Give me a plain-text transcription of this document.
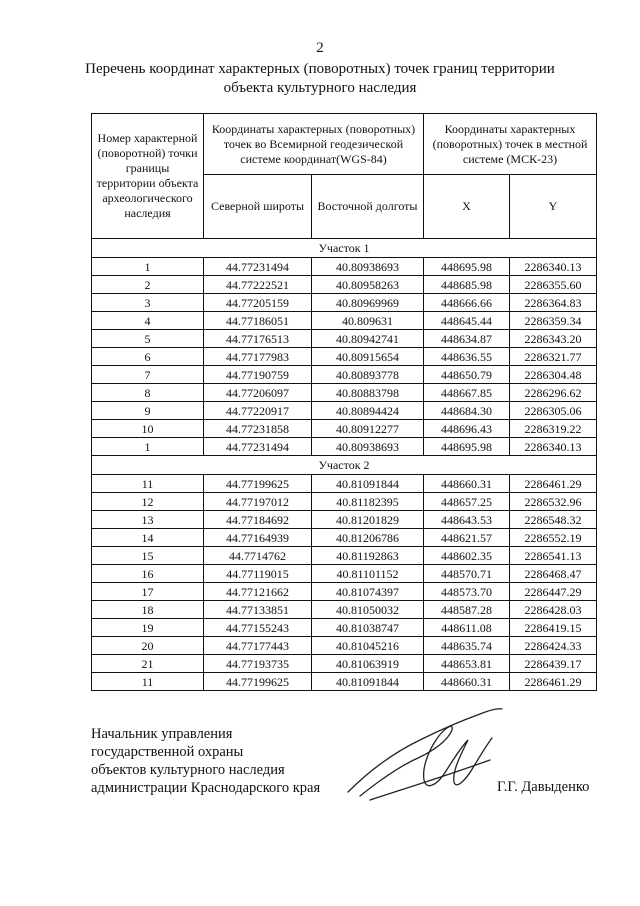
2
Перечень координат характерных (поворотных) точек границ территории
объекта культурного наследия
Номер характерной (поворотной) точки границы территории объекта археологического наследия	Координаты характерных (поворотных) точек во Всемирной геодезической системе координат(WGS-84)		Координаты характерных (поворотных) точек в местной системе (МСК-23)	
	Северной широты	Восточной долготы	X	Y
Участок 1				
1	44.77231494	40.80938693	448695.98	2286340.13
2	44.77222521	40.80958263	448685.98	2286355.60
3	44.77205159	40.80969969	448666.66	2286364.83
4	44.77186051	40.809631	448645.44	2286359.34
5	44.77176513	40.80942741	448634.87	2286343.20
6	44.77177983	40.80915654	448636.55	2286321.77
7	44.77190759	40.80893778	448650.79	2286304.48
8	44.77206097	40.80883798	448667.85	2286296.62
9	44.77220917	40.80894424	448684.30	2286305.06
10	44.77231858	40.80912277	448696.43	2286319.22
1	44.77231494	40.80938693	448695.98	2286340.13
Участок 2				
11	44.77199625	40.81091844	448660.31	2286461.29
12	44.77197012	40.81182395	448657.25	2286532.96
13	44.77184692	40.81201829	448643.53	2286548.32
14	44.77164939	40.81206786	448621.57	2286552.19
15	44.7714762	40.81192863	448602.35	2286541.13
16	44.77119015	40.81101152	448570.71	2286468.47
17	44.77121662	40.81074397	448573.70	2286447.29
18	44.77133851	40.81050032	448587.28	2286428.03
19	44.77155243	40.81038747	448611.08	2286419.15
20	44.77177443	40.81045216	448635.74	2286424.33
21	44.77193735	40.81063919	448653.81	2286439.17
11	44.77199625	40.81091844	448660.31	2286461.29
Начальник управления
государственной охраны
объектов культурного наследия
администрации Краснодарского края	Г.Г. Давыденко
